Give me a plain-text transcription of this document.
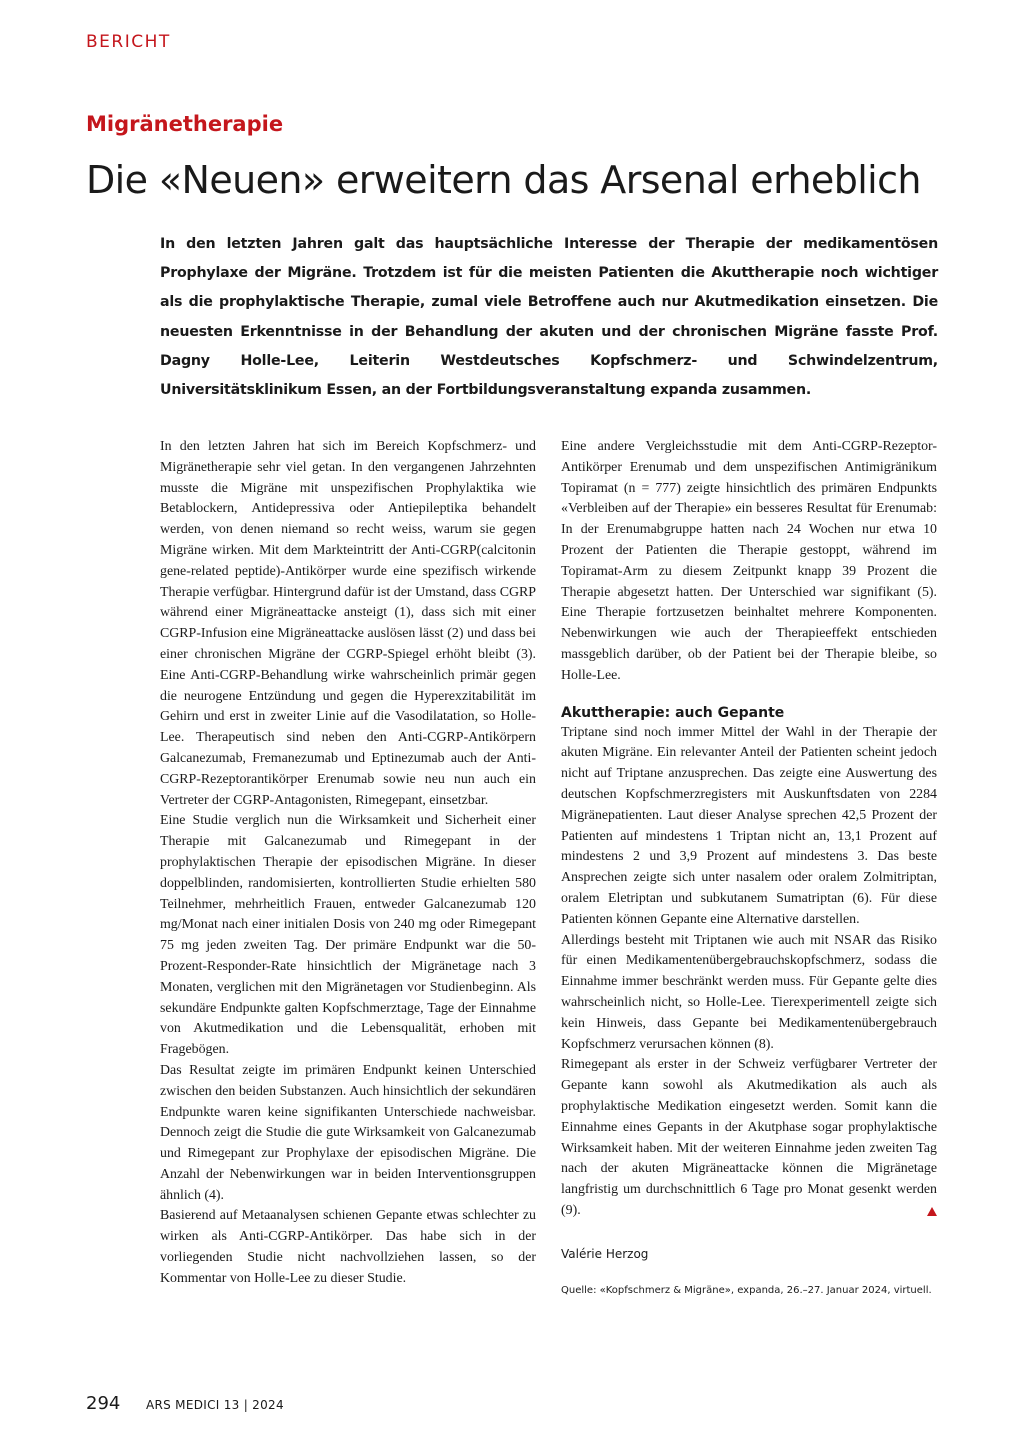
BERICHT
Migränetherapie
Die «Neuen» erweitern das Arsenal erheblich
In den letzten Jahren galt das hauptsächliche Interesse der Therapie der medikamentösen Prophylaxe der Migräne. Trotzdem ist für die meisten Patienten die Akuttherapie noch wichtiger als die prophylaktische Therapie, zumal viele Betroffene auch nur Akutmedikation einsetzen. Die neuesten Erkenntnisse in der Behandlung der akuten und der chronischen Migräne fasste Prof. Dagny Holle-Lee, Leiterin Westdeutsches Kopfschmerz- und Schwindelzentrum, Universitätsklinikum Essen, an der Fortbildungsveranstaltung expanda zusammen.

In den letzten Jahren hat sich im Bereich Kopfschmerz- und Migränetherapie sehr viel getan. In den vergangenen Jahrzehnten musste die Migräne mit unspezifischen Prophylaktika wie Betablockern, Antidepressiva oder Antiepileptika behandelt werden, von denen niemand so recht weiss, warum sie gegen Migräne wirken. Mit dem Markteintritt der Anti-CGRP(calcitonin gene-related peptide)-Antikörper wurde eine spezifisch wirkende Therapie verfügbar. Hintergrund dafür ist der Umstand, dass CGRP während einer Migräneattacke ansteigt (1), dass sich mit einer CGRP-Infusion eine Migräneattacke auslösen lässt (2) und dass bei einer chronischen Migräne der CGRP-Spiegel erhöht bleibt (3). Eine Anti-CGRP-Behandlung wirke wahrscheinlich primär gegen die neurogene Entzündung und gegen die Hyperexzitabilität im Gehirn und erst in zweiter Linie auf die Vasodilatation, so Holle-Lee. Therapeutisch sind neben den Anti-CGRP-Antikörpern Galcanezumab, Fremanezumab und Eptinezumab auch der Anti-CGRP-Rezeptorantikörper Erenumab sowie neu nun auch ein Vertreter der CGRP-Antagonisten, Rimegepant, einsetzbar.

Eine Studie verglich nun die Wirksamkeit und Sicherheit einer Therapie mit Galcanezumab und Rimegepant in der prophylaktischen Therapie der episodischen Migräne. In dieser doppelblinden, randomisierten, kontrollierten Studie erhielten 580 Teilnehmer, mehrheitlich Frauen, entweder Galcanezumab 120 mg/Monat nach einer initialen Dosis von 240 mg oder Rimegepant 75 mg jeden zweiten Tag. Der primäre Endpunkt war die 50-Prozent-Responder-Rate hinsichtlich der Migränetage nach 3 Monaten, verglichen mit den Migränetagen vor Studienbeginn. Als sekundäre Endpunkte galten Kopfschmerztage, Tage der Einnahme von Akutmedikation und die Lebensqualität, erhoben mit Fragebögen.

Das Resultat zeigte im primären Endpunkt keinen Unterschied zwischen den beiden Substanzen. Auch hinsichtlich der sekundären Endpunkte waren keine signifikanten Unterschiede nachweisbar. Dennoch zeigt die Studie die gute Wirksamkeit von Galcanezumab und Rimegepant zur Prophylaxe der episodischen Migräne. Die Anzahl der Nebenwirkungen war in beiden Interventionsgruppen ähnlich (4).

Basierend auf Metaanalysen schienen Gepante etwas schlechter zu wirken als Anti-CGRP-Antikörper. Das habe sich in der vorliegenden Studie nicht nachvollziehen lassen, so der Kommentar von Holle-Lee zu dieser Studie.

Eine andere Vergleichsstudie mit dem Anti-CGRP-Rezeptor-Antikörper Erenumab und dem unspezifischen Antimigränikum Topiramat (n = 777) zeigte hinsichtlich des primären Endpunkts «Verbleiben auf der Therapie» ein besseres Resultat für Erenumab: In der Erenumabgruppe hatten nach 24 Wochen nur etwa 10 Prozent der Patienten die Therapie gestoppt, während im Topiramat-Arm zu diesem Zeitpunkt knapp 39 Prozent die Therapie abgesetzt hatten. Der Unterschied war signifikant (5). Eine Therapie fortzusetzen beinhaltet mehrere Komponenten. Nebenwirkungen wie auch der Therapieeffekt entschieden massgeblich darüber, ob der Patient bei der Therapie bleibe, so Holle-Lee.

Akuttherapie: auch Gepante

Triptane sind noch immer Mittel der Wahl in der Therapie der akuten Migräne. Ein relevanter Anteil der Patienten scheint jedoch nicht auf Triptane anzusprechen. Das zeigte eine Auswertung des deutschen Kopfschmerzregisters mit Auskunftsdaten von 2284 Migränepatienten. Laut dieser Analyse sprechen 42,5 Prozent der Patienten auf mindestens 1 Triptan nicht an, 13,1 Prozent auf mindestens 2 und 3,9 Prozent auf mindestens 3. Das beste Ansprechen zeigte sich unter nasalem oder oralem Zolmitriptan, oralem Eletriptan und subkutanem Sumatriptan (6). Für diese Patienten können Gepante eine Alternative darstellen.

Allerdings besteht mit Triptanen wie auch mit NSAR das Risiko für einen Medikamentenübergebrauchskopfschmerz, sodass die Einnahme immer beschränkt werden muss. Für Gepante gelte dies wahrscheinlich nicht, so Holle-Lee. Tierexperimentell zeigte sich kein Hinweis, dass Gepante bei Medikamentenübergebrauch Kopfschmerz verursachen können (8).

Rimegepant als erster in der Schweiz verfügbarer Vertreter der Gepante kann sowohl als Akutmedikation als auch als prophylaktische Medikation eingesetzt werden. Somit kann die Einnahme eines Gepants in der Akutphase sogar prophylaktische Wirksamkeit haben. Mit der weiteren Einnahme jeden zweiten Tag nach der akuten Migräneattacke können die Migränetage langfristig um durchschnittlich 6 Tage pro Monat gesenkt werden (9).

Valérie Herzog

Quelle: «Kopfschmerz & Migräne», expanda, 26.–27. Januar 2024, virtuell.

294 ARS MEDICI 13 | 2024
